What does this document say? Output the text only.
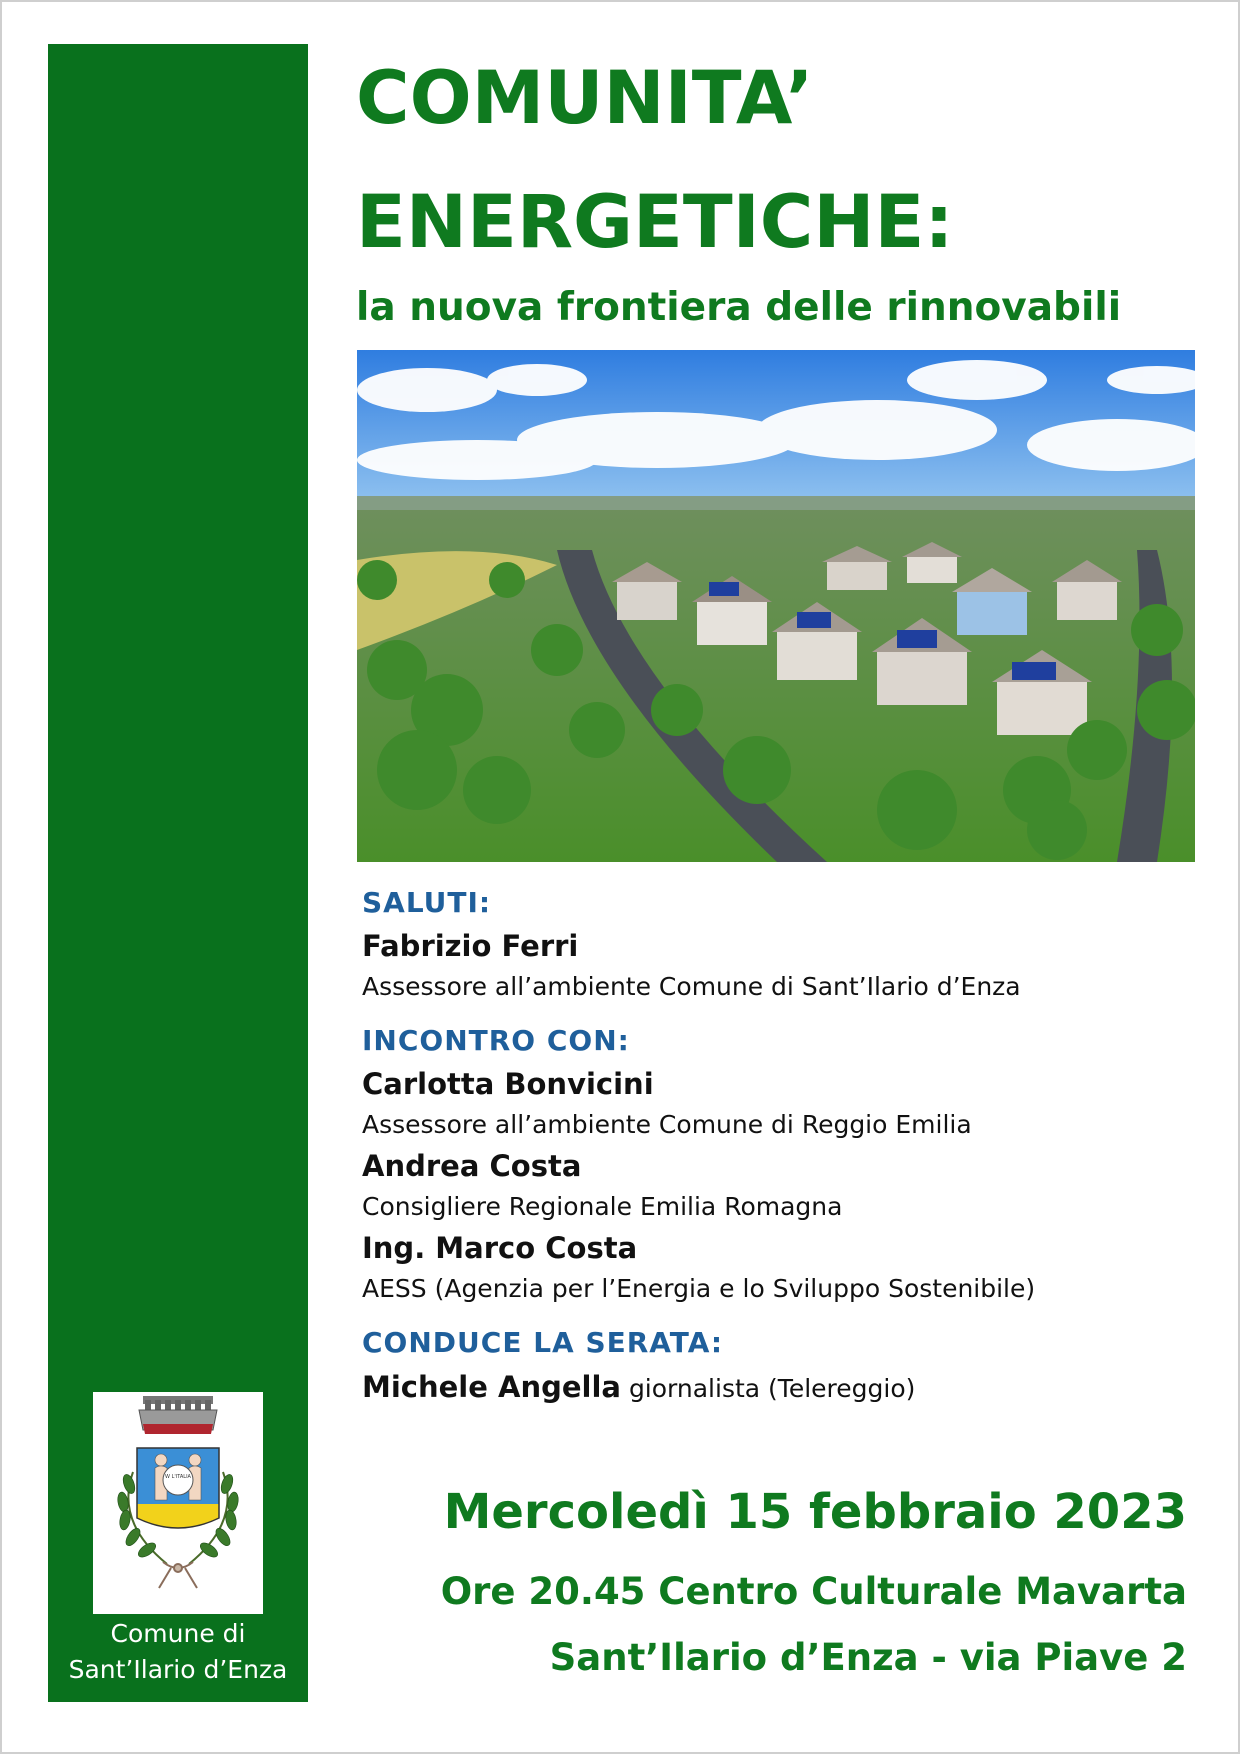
W L'ITALIA
Comune di
Sant’Ilario d’Enza
COMUNITA’
ENERGETICHE:
la nuova frontiera delle rinnovabili
SALUTI:
Fabrizio Ferri
Assessore all’ambiente Comune di Sant’Ilario d’Enza
INCONTRO CON:
Carlotta Bonvicini
Assessore all’ambiente Comune di Reggio Emilia
Andrea Costa
Consigliere Regionale Emilia Romagna
Ing. Marco Costa
AESS (Agenzia per l’Energia e lo Sviluppo Sostenibile)
CONDUCE LA SERATA:
Michele Angella giornalista (Telereggio)
Mercoledì 15 febbraio 2023
Ore 20.45 Centro Culturale Mavarta
Sant’Ilario d’Enza - via Piave 2
